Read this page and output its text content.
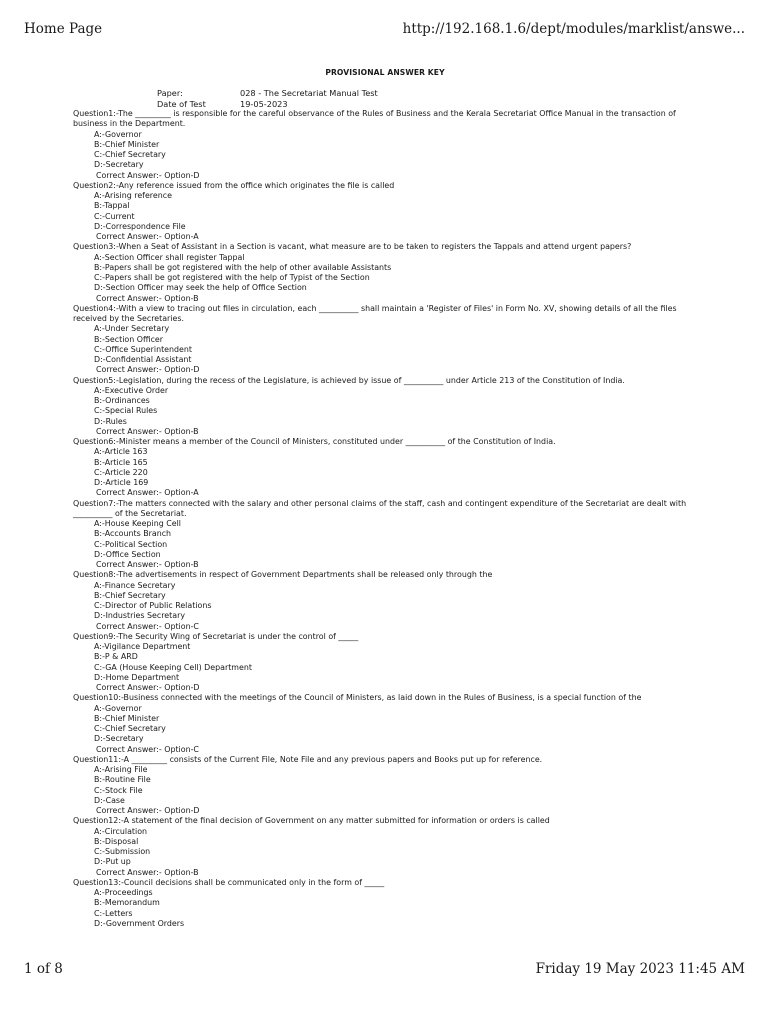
Home Page	http://192.168.1.6/dept/modules/marklist/answe...
PROVISIONAL ANSWER KEY
Paper:	028 - The Secretariat Manual Test
Date of Test	19-05-2023
Question1:-The _________ is responsible for the careful observance of the Rules of Business and the Kerala Secretariat Office Manual in the transaction of business in the Department.
A:-Governor
B:-Chief Minister
C:-Chief Secretary
D:-Secretary
Correct Answer:- Option-D
Question2:-Any reference issued from the office which originates the file is called
A:-Arising reference
B:-Tappal
C:-Current
D:-Correspondence File
Correct Answer:- Option-A
Question3:-When a Seat of Assistant in a Section is vacant, what measure are to be taken to registers the Tappals and attend urgent papers?
A:-Section Officer shall register Tappal
B:-Papers shall be got registered with the help of other available Assistants
C:-Papers shall be got registered with the help of Typist of the Section
D:-Section Officer may seek the help of Office Section
Correct Answer:- Option-B
Question4:-With a view to tracing out files in circulation, each __________ shall maintain a 'Register of Files' in Form No. XV, showing details of all the files received by the Secretaries.
A:-Under Secretary
B:-Section Officer
C:-Office Superintendent
D:-Confidential Assistant
Correct Answer:- Option-D
Question5:-Legislation, during the recess of the Legislature, is achieved by issue of __________ under Article 213 of the Constitution of India.
A:-Executive Order
B:-Ordinances
C:-Special Rules
D:-Rules
Correct Answer:- Option-B
Question6:-Minister means a member of the Council of Ministers, constituted under __________ of the Constitution of India.
A:-Article 163
B:-Article 165
C:-Article 220
D:-Article 169
Correct Answer:- Option-A
Question7:-The matters connected with the salary and other personal claims of the staff, cash and contingent expenditure of the Secretariat are dealt with __________ of the Secretariat.
A:-House Keeping Cell
B:-Accounts Branch
C:-Political Section
D:-Office Section
Correct Answer:- Option-B
Question8:-The advertisements in respect of Government Departments shall be released only through the
A:-Finance Secretary
B:-Chief Secretary
C:-Director of Public Relations
D:-Industries Secretary
Correct Answer:- Option-C
Question9:-The Security Wing of Secretariat is under the control of _____
A:-Vigilance Department
B:-P & ARD
C:-GA (House Keeping Cell) Department
D:-Home Department
Correct Answer:- Option-D
Question10:-Business connected with the meetings of the Council of Ministers, as laid down in the Rules of Business, is a special function of the
A:-Governor
B:-Chief Minister
C:-Chief Secretary
D:-Secretary
Correct Answer:- Option-C
Question11:-A _________ consists of the Current File, Note File and any previous papers and Books put up for reference.
A:-Arising File
B:-Routine File
C:-Stock File
D:-Case
Correct Answer:- Option-D
Question12:-A statement of the final decision of Government on any matter submitted for information or orders is called
A:-Circulation
B:-Disposal
C:-Submission
D:-Put up
Correct Answer:- Option-B
Question13:-Council decisions shall be communicated only in the form of _____
A:-Proceedings
B:-Memorandum
C:-Letters
D:-Government Orders
1 of 8	Friday 19 May 2023 11:45 AM
